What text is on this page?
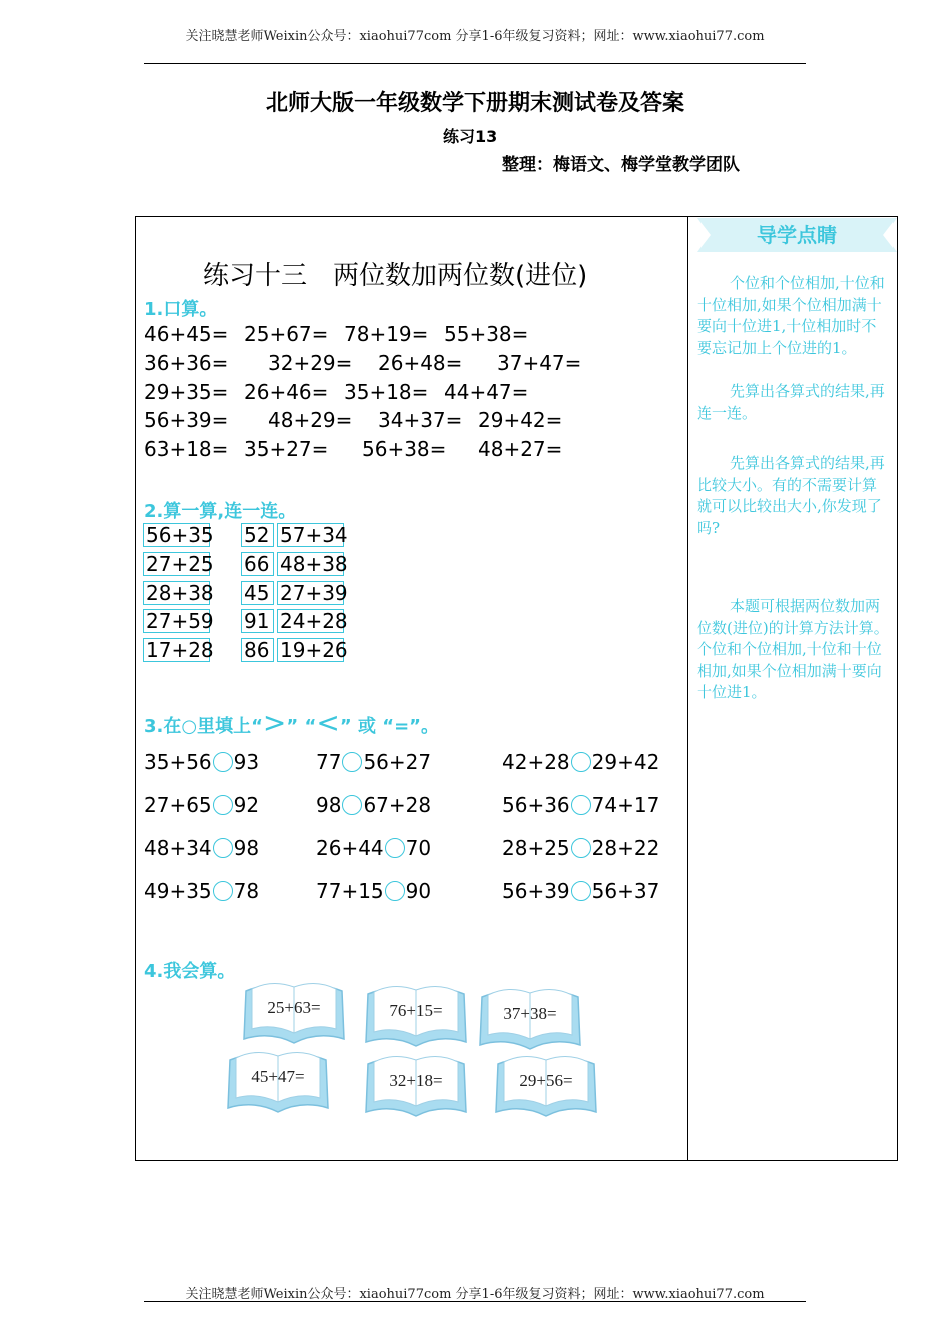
关注晓慧老师Weixin公众号：xiaohui77com 分享1-6年级复习资料；网址：www.xiaohui77.com
北师大版一年级数学下册期末测试卷及答案
练习13
整理：梅语文、梅学堂教学团队
练习十三　两位数加两位数(进位)
1.口算。
46+45= 25+67= 78+19= 55+38=
36+36= 32+29= 26+48= 37+47=
29+35= 26+46= 35+18= 44+47=
56+39= 48+29= 34+37= 29+42=
63+18= 35+27= 56+38= 48+27=
2.算一算,连一连。
56+35
27+25
28+38
27+59
17+28
52
66
45
91
86
57+34
48+38
27+39
24+28
19+26
3.在○里填上“>” “<” 或 “=”。
35+56 93	77 56+27	42+28 29+42
27+65 92	98 67+28	56+36 74+17
48+34 98	26+44 70	28+25 28+22
49+35 78	77+15 90	56+39 56+37
4.我会算。
25+63=	76+15=	37+38=
45+47=	32+18=	29+56=
导学点睛
个位和个位相加,十位和十位相加,如果个位相加满十要向十位进1,十位相加时不要忘记加上个位进的1。
先算出各算式的结果,再连一连。
先算出各算式的结果,再比较大小。有的不需要计算就可以比较出大小,你发现了吗?
本题可根据两位数加两位数(进位)的计算方法计算。个位和个位相加,十位和十位相加,如果个位相加满十要向十位进1。
关注晓慧老师Weixin公众号：xiaohui77com 分享1-6年级复习资料；网址：www.xiaohui77.com
